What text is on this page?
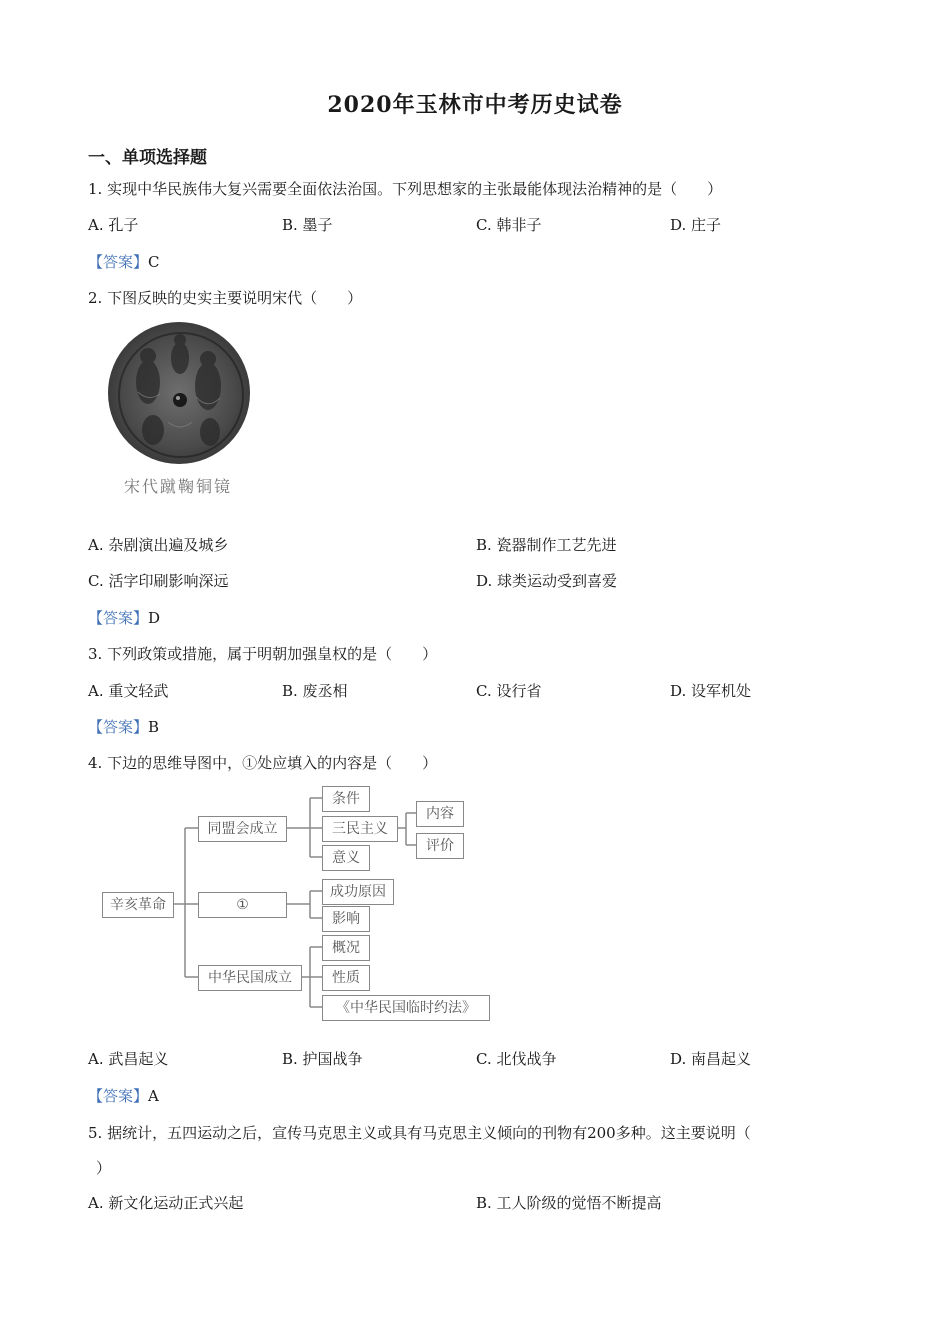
2020年玉林市中考历史试卷
一、单项选择题
1. 实现中华民族伟大复兴需要全面依法治国。下列思想家的主张最能体现法治精神的是（　　）
A. 孔子	B. 墨子	C. 韩非子	D. 庄子
【答案】C
2. 下图反映的史实主要说明宋代（　　）
宋代蹴鞠铜镜
A. 杂剧演出遍及城乡	B. 瓷器制作工艺先进
C. 活字印刷影响深远	D. 球类运动受到喜爱
【答案】D
3. 下列政策或措施，属于明朝加强皇权的是（　　）
A. 重文轻武	B. 废丞相	C. 设行省	D. 设军机处
【答案】B
4. 下边的思维导图中，①处应填入的内容是（　　）
辛亥革命
同盟会成立
①
中华民国成立
条件
三民主义
意义
内容
评价
成功原因
影响
概况
性质
《中华民国临时约法》
A. 武昌起义	B. 护国战争	C. 北伐战争	D. 南昌起义
【答案】A
5. 据统计，五四运动之后，宣传马克思主义或具有马克思主义倾向的刊物有200多种。这主要说明（
）
A. 新文化运动正式兴起	B. 工人阶级的觉悟不断提高
